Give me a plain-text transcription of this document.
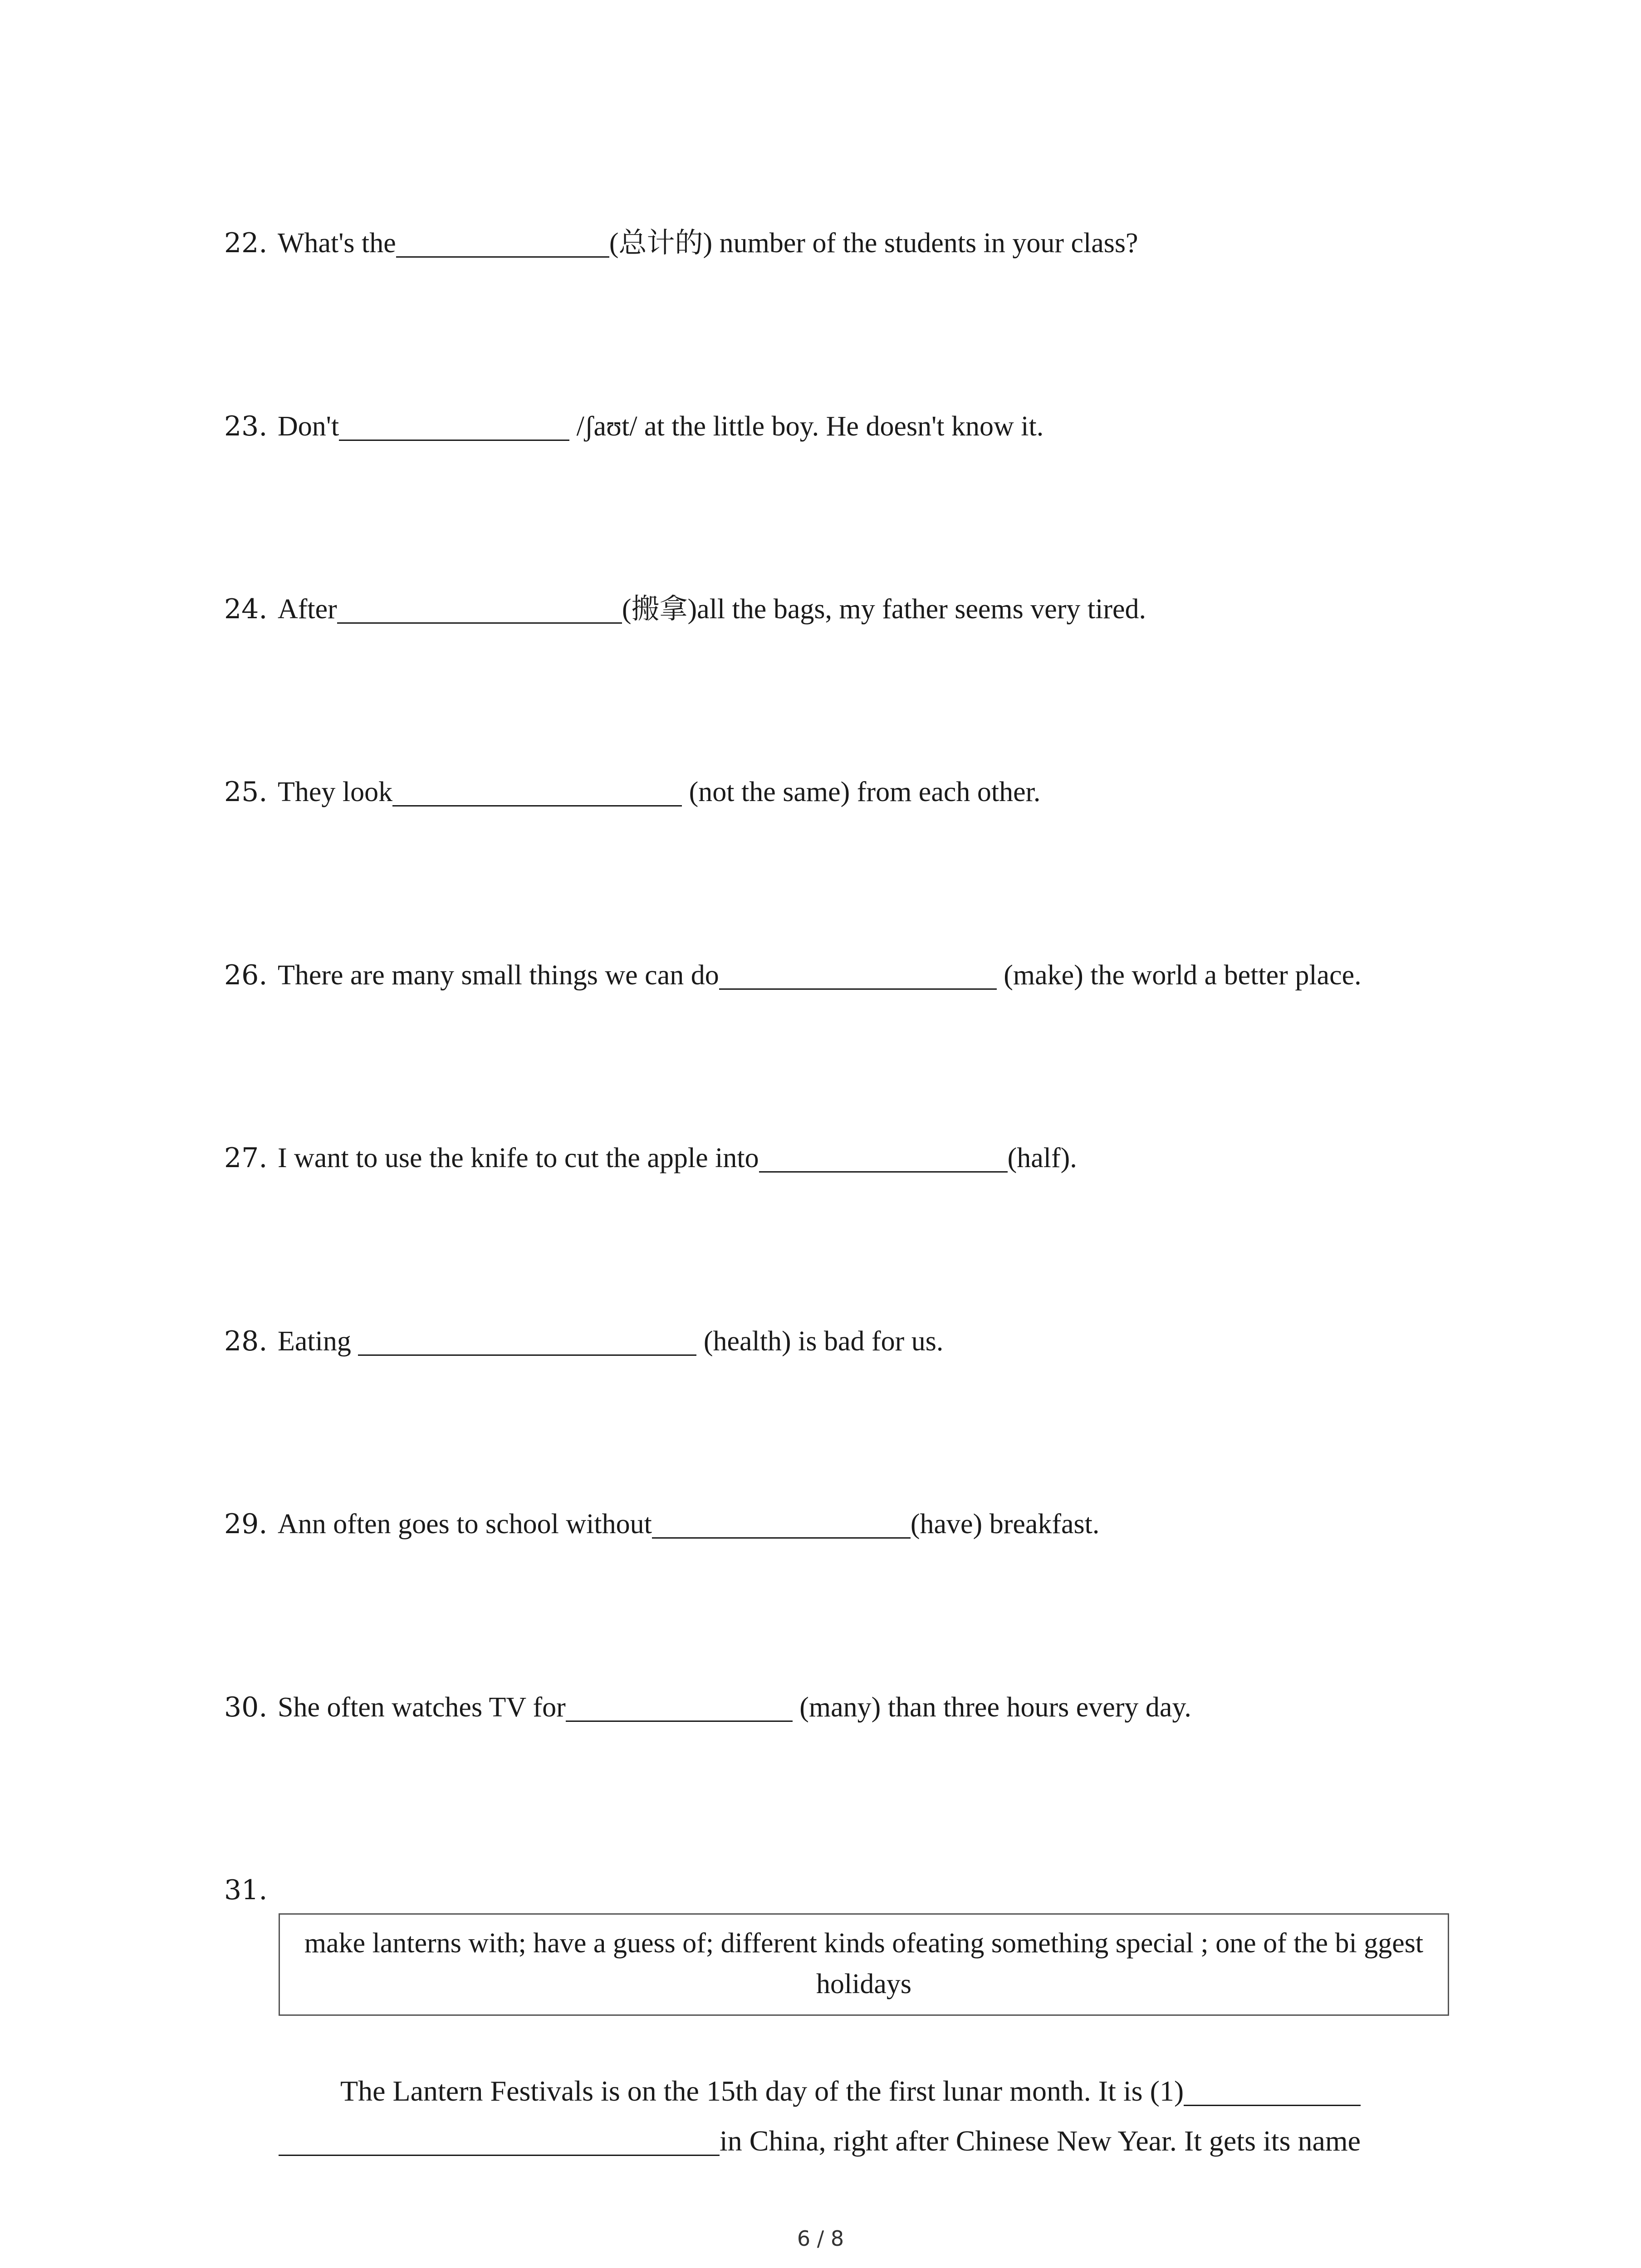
22. What's the	(总计的) number of the students in your class?
23. Don't	/ʃaʊt/ at the little boy. He doesn't know it.
24. After	(搬拿)all the bags, my father seems very tired.
25. They look	(not the same) from each other.
26. There are many small things we can do	(make) the world a better place.
27. I want to use the knife to cut the apple into	(half).
28. Eating	(health) is bad for us.
29. Ann often goes to school without	(have) breakfast.
30. She often watches TV for	(many) than three hours every day.
31.
make lanterns with; have a guess of; different kinds ofeating something special ; one of the bi ggest holidays
The Lantern Festivals is on the 15th day of the first lunar month. It is (1)
in China, right after Chinese New Year. It gets its name
6 / 8
